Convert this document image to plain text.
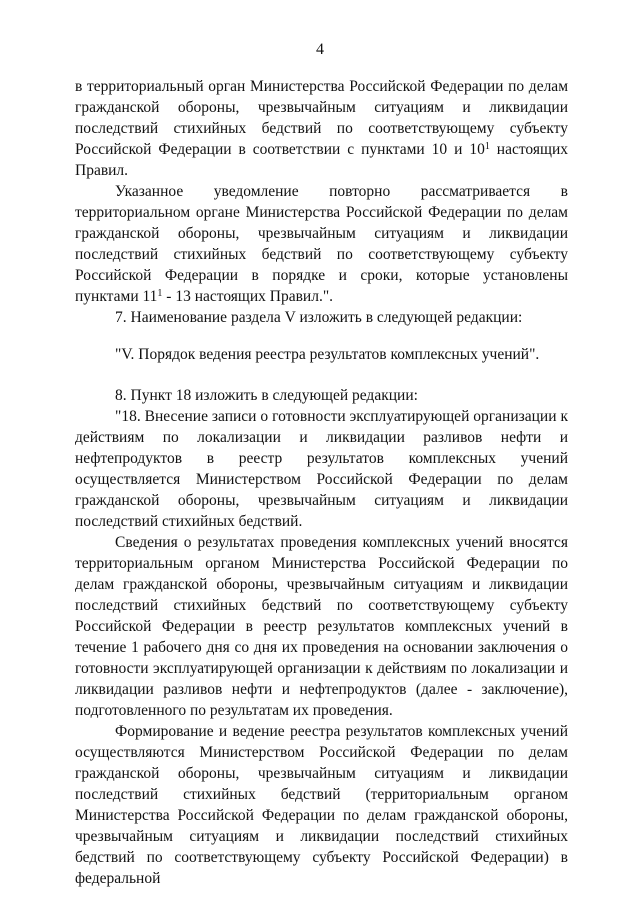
4

в территориальный орган Министерства Российской Федерации по делам гражданской обороны, чрезвычайным ситуациям и ликвидации последствий стихийных бедствий по соответствующему субъекту Российской Федерации в соответствии с пунктами 10 и $10^1$ настоящих Правил.

Указанное уведомление повторно рассматривается в территориальном органе Министерства Российской Федерации по делам гражданской обороны, чрезвычайным ситуациям и ликвидации последствий стихийных бедствий по соответствующему субъекту Российской Федерации в порядке и сроки, которые установлены пунктами $11^1 - 13$ настоящих Правил.".

7. Наименование раздела V изложить в следующей редакции:

"V. Порядок ведения реестра результатов комплексных учений".

8. Пункт 18 изложить в следующей редакции:

"18. Внесение записи о готовности эксплуатирующей организации к действиям по локализации и ликвидации разливов нефти и нефтепродуктов в реестр результатов комплексных учений осуществляется Министерством Российской Федерации по делам гражданской обороны, чрезвычайным ситуациям и ликвидации последствий стихийных бедствий.

Сведения о результатах проведения комплексных учений вносятся территориальным органом Министерства Российской Федерации по делам гражданской обороны, чрезвычайным ситуациям и ликвидации последствий стихийных бедствий по соответствующему субъекту Российской Федерации в реестр результатов комплексных учений в течение 1 рабочего дня со дня их проведения на основании заключения о готовности эксплуатирующей организации к действиям по локализации и ликвидации разливов нефти и нефтепродуктов (далее - заключение), подготовленного по результатам их проведения.

Формирование и ведение реестра результатов комплексных учений осуществляются Министерством Российской Федерации по делам гражданской обороны, чрезвычайным ситуациям и ликвидации последствий стихийных бедствий (территориальным органом Министерства Российской Федерации по делам гражданской обороны, чрезвычайным ситуациям и ликвидации последствий стихийных бедствий по соответствующему субъекту Российской Федерации) в федеральной
